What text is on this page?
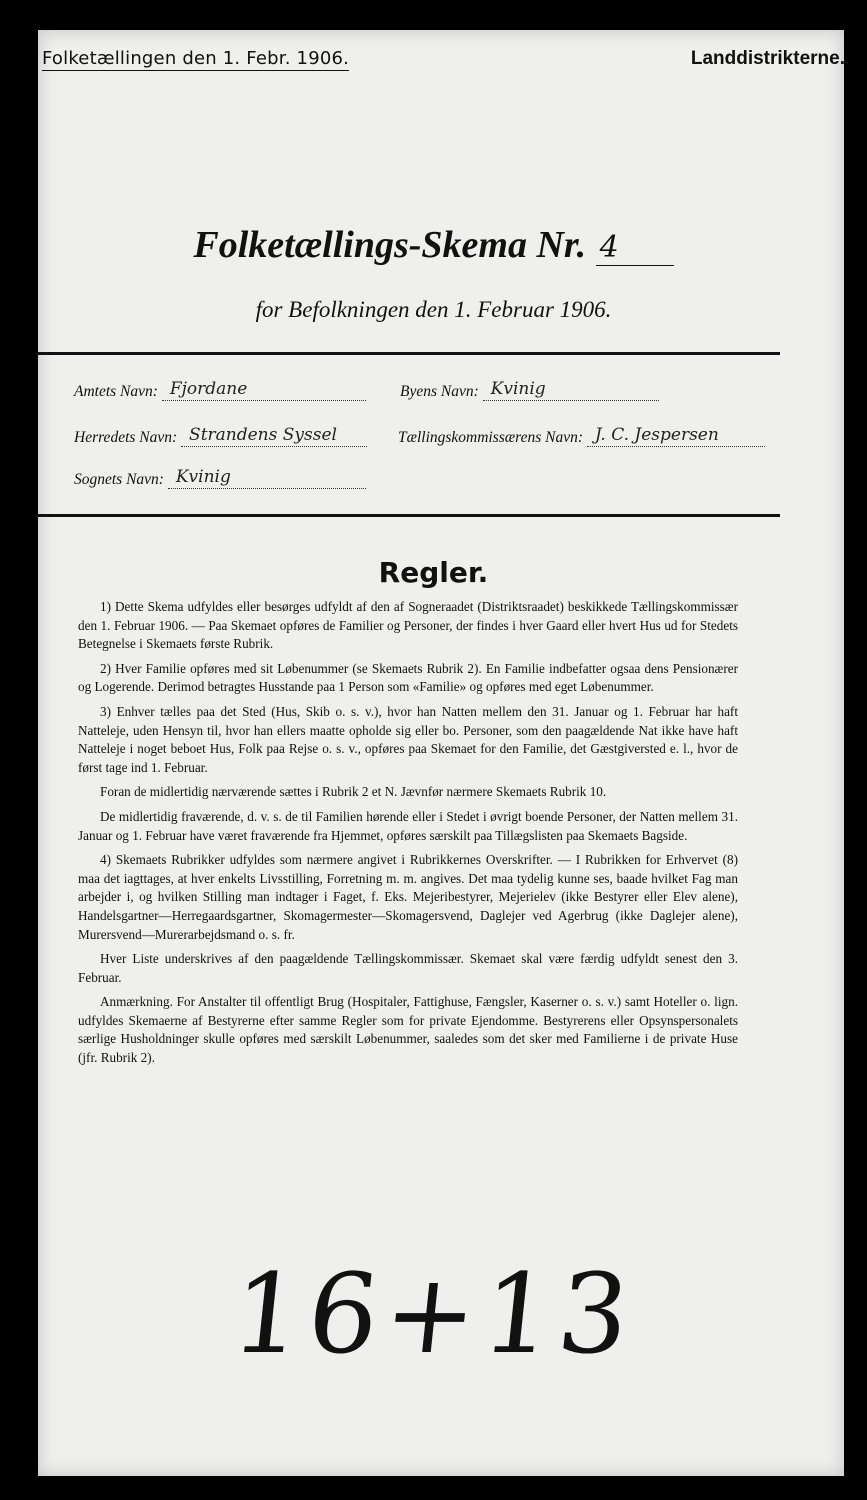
Folketællingen den 1. Febr. 1906.	Landdistrikterne.
Folketællings-Skema Nr. 4
for Befolkningen den 1. Februar 1906.
Amtets Navn: Fjordane	Byens Navn: Kvinig
Herredets Navn: Strandens Syssel	Tællingskommissærens Navn: J. C. Jespersen
Sognets Navn: Kvinig
Regler.

1) Dette Skema udfyldes eller besørges udfyldt af den af Sogneraadet (Distriktsraadet) beskikkede Tællingskommissær den 1. Februar 1906. — Paa Skemaet opføres de Familier og Personer, der findes i hver Gaard eller hvert Hus ud for Stedets Betegnelse i Skemaets første Rubrik.

2) Hver Familie opføres med sit Løbenummer (se Skemaets Rubrik 2). En Familie indbefatter ogsaa dens Pensionærer og Logerende. Derimod betragtes Husstande paa 1 Person som «Familie» og opføres med eget Løbenummer.

3) Enhver tælles paa det Sted (Hus, Skib o. s. v.), hvor han Natten mellem den 31. Januar og 1. Februar har haft Natteleje, uden Hensyn til, hvor han ellers maatte opholde sig eller bo. Personer, som den paagældende Nat ikke have haft Natteleje i noget beboet Hus, Folk paa Rejse o. s. v., opføres paa Skemaet for den Familie, det Gæstgiversted e. l., hvor de først tage ind 1. Februar.

Foran de midlertidig nærværende sættes i Rubrik 2 et N. Jævnfør nærmere Skemaets Rubrik 10.

De midlertidig fraværende, d. v. s. de til Familien hørende eller i Stedet i øvrigt boende Personer, der Natten mellem 31. Januar og 1. Februar have været fraværende fra Hjemmet, opføres særskilt paa Tillægslisten paa Skemaets Bagside.

4) Skemaets Rubrikker udfyldes som nærmere angivet i Rubrikkernes Overskrifter. — I Rubrikken for Erhvervet (8) maa det iagttages, at hver enkelts Livsstilling, Forretning m. m. angives. Det maa tydelig kunne ses, baade hvilket Fag man arbejder i, og hvilken Stilling man indtager i Faget, f. Eks. Mejeribestyrer, Mejerielev (ikke Bestyrer eller Elev alene), Handelsgartner—Herregaardsgartner, Skomagermester—Skomagersvend, Daglejer ved Agerbrug (ikke Daglejer alene), Murersvend—Murerarbejdsmand o. s. fr.

Hver Liste underskrives af den paagældende Tællingskommissær. Skemaet skal være færdig udfyldt senest den 3. Februar.

Anmærkning. For Anstalter til offentligt Brug (Hospitaler, Fattighuse, Fængsler, Kaserner o. s. v.) samt Hoteller o. lign. udfyldes Skemaerne af Bestyrerne efter samme Regler som for private Ejendomme. Bestyrerens eller Opsynspersonalets særlige Husholdninger skulle opføres med særskilt Løbenummer, saaledes som det sker med Familierne i de private Huse (jfr. Rubrik 2).

16+13
